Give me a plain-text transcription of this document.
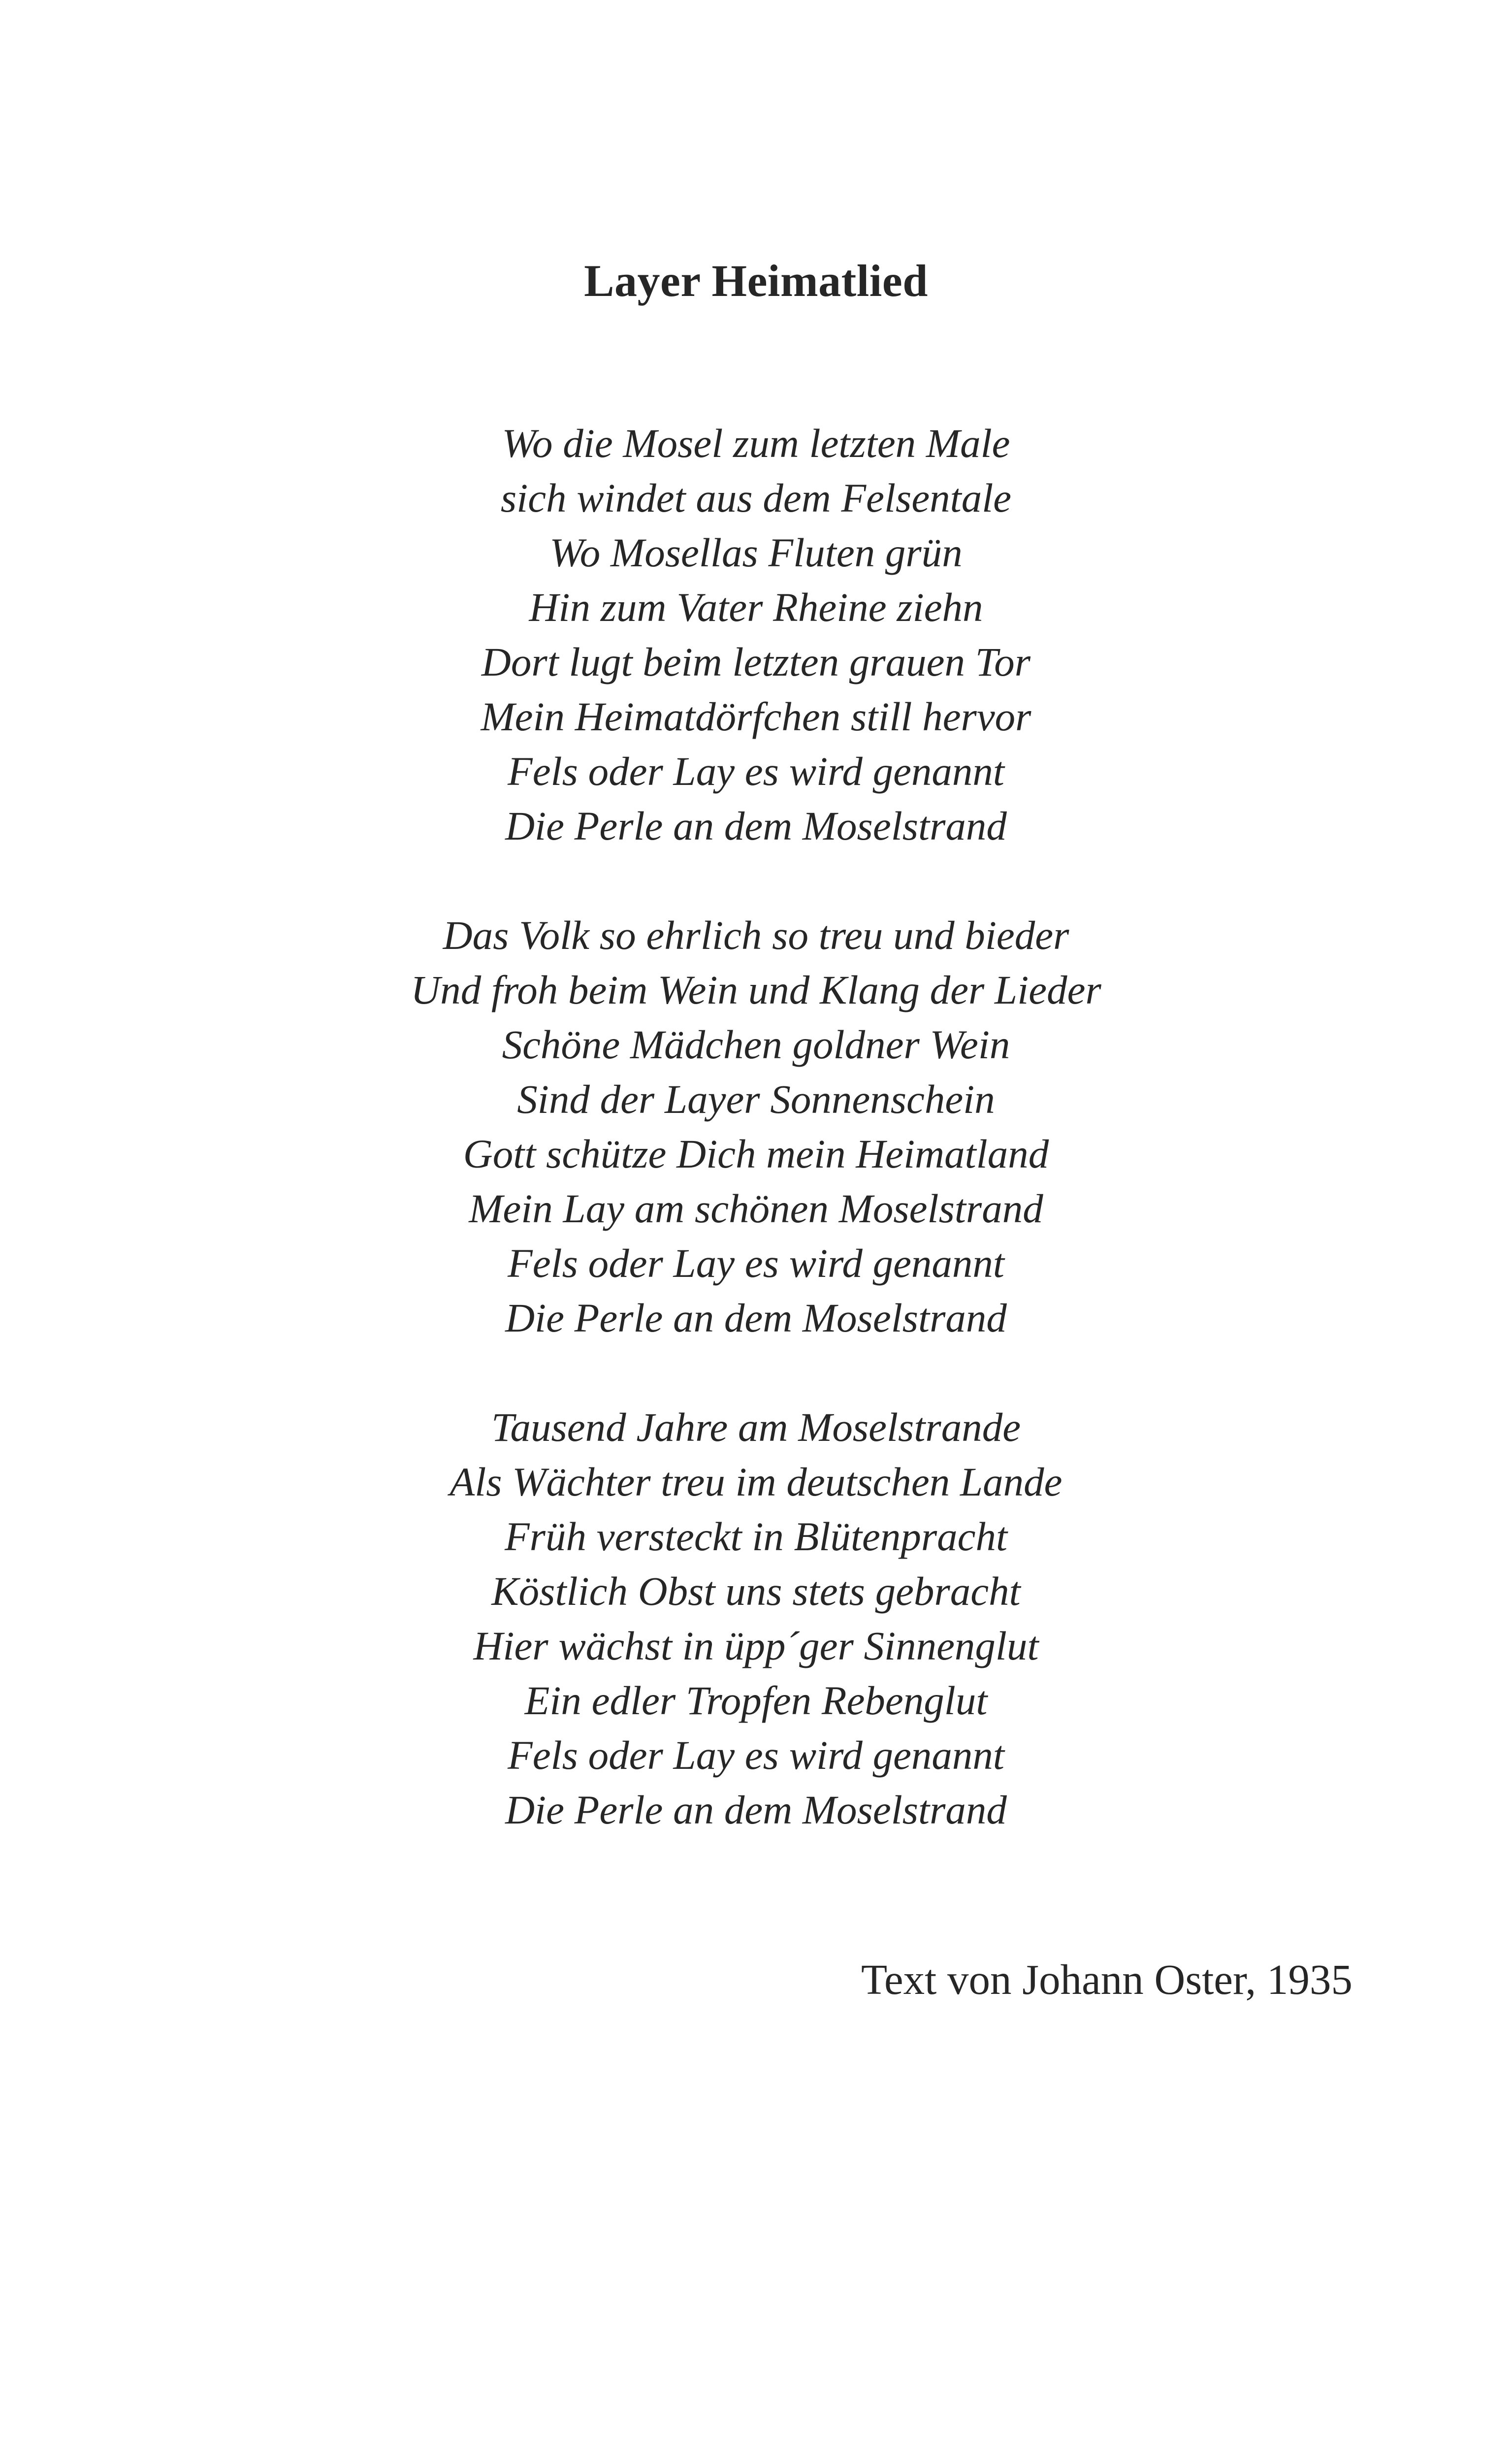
Layer Heimatlied
Wo die Mosel zum letzten Male
sich windet aus dem Felsentale
Wo Mosellas Fluten grün
Hin zum Vater Rheine ziehn
Dort lugt beim letzten grauen Tor
Mein Heimatdörfchen still hervor
Fels oder Lay es wird genannt
Die Perle an dem Moselstrand
Das Volk so ehrlich so treu und bieder
Und froh beim Wein und Klang der Lieder
Schöne Mädchen goldner Wein
Sind der Layer Sonnenschein
Gott schütze Dich mein Heimatland
Mein Lay am schönen Moselstrand
Fels oder Lay es wird genannt
Die Perle an dem Moselstrand
Tausend Jahre am Moselstrande
Als Wächter treu im deutschen Lande
Früh versteckt in Blütenpracht
Köstlich Obst uns stets gebracht
Hier wächst in üpp´ger Sinnenglut
Ein edler Tropfen Rebenglut
Fels oder Lay es wird genannt
Die Perle an dem Moselstrand

Text von Johann Oster, 1935
